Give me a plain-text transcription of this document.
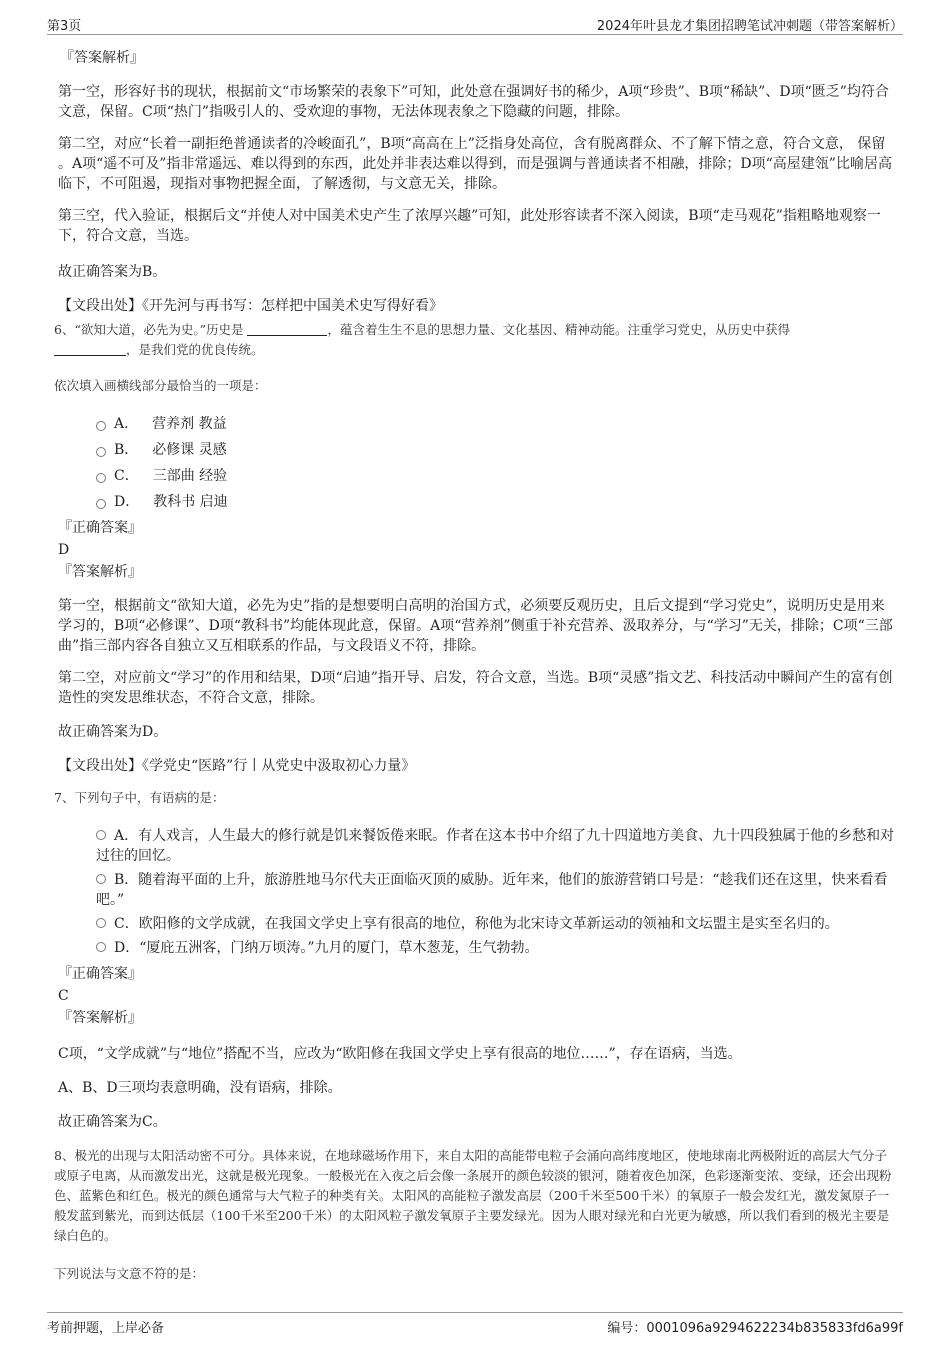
第3页	2024年叶县龙才集团招聘笔试冲刺题（带答案解析）
『答案解析』
第一空，形容好书的现状，根据前文“市场繁荣的表象下”可知，此处意在强调好书的稀少，A项“珍贵”、B项“稀缺”、D项“匮乏”均符合文意，保留。C项“热门”指吸引人的、受欢迎的事物，无法体现表象之下隐藏的问题，排除。
第二空，对应“长着一副拒绝普通读者的冷峻面孔”，B项“高高在上”泛指身处高位，含有脱离群众、不了解下情之意，符合文意， 保留 。A项“遥不可及”指非常遥远、难以得到的东西，此处并非表达难以得到，而是强调与普通读者不相融，排除；D项“高屋建瓴”比喻居高临下，不可阻遏，现指对事物把握全面，了解透彻，与文意无关，排除。
第三空，代入验证，根据后文“并使人对中国美术史产生了浓厚兴趣”可知，此处形容读者不深入阅读，B项“走马观花”指粗略地观察一下，符合文意，当选。
故正确答案为B。
【文段出处】《开先河与再书写：怎样把中国美术史写得好看》
6、“欲知大道，必先为史。”历史是	，蕴含着生生不息的思想力量、文化基因、精神动能。注重学习党史，从历史中获得
，是我们党的优良传统。
依次填入画横线部分最恰当的一项是：
A． 营养剂 教益
B． 必修课 灵感
C． 三部曲 经验
D． 教科书 启迪
『正确答案』
D
『答案解析』
第一空，根据前文“欲知大道，必先为史”指的是想要明白高明的治国方式，必须要反观历史，且后文提到“学习党史”，说明历史是用来学习的，B项“必修课”、D项“教科书”均能体现此意，保留。A项“营养剂”侧重于补充营养、汲取养分，与“学习”无关，排除；C项“三部曲”指三部内容各自独立又互相联系的作品，与文段语义不符，排除。
第二空，对应前文“学习”的作用和结果，D项“启迪”指开导、启发，符合文意，当选。B项“灵感”指文艺、科技活动中瞬间产生的富有创造性的突发思维状态，不符合文意，排除。
故正确答案为D。
【文段出处】《学党史“医路”行丨从党史中汲取初心力量》
7、下列句子中，有语病的是：
A．有人戏言，人生最大的修行就是饥来餐饭倦来眠。作者在这本书中介绍了九十四道地方美食、九十四段独属于他的乡愁和对过往的回忆。
B．随着海平面的上升，旅游胜地马尔代夫正面临灭顶的威胁。近年来，他们的旅游营销口号是：“趁我们还在这里，快来看看吧。”
C．欧阳修的文学成就，在我国文学史上享有很高的地位，称他为北宋诗文革新运动的领袖和文坛盟主是实至名归的。
D．“厦庇五洲客，门纳万顷涛。”九月的厦门，草木葱茏，生气勃勃。
『正确答案』
C
『答案解析』
C项，“文学成就”与“地位”搭配不当，应改为“欧阳修在我国文学史上享有很高的地位……”，存在语病，当选。
A、B、D三项均表意明确，没有语病，排除。
故正确答案为C。
8、极光的出现与太阳活动密不可分。具体来说，在地球磁场作用下，来自太阳的高能带电粒子会涌向高纬度地区，使地球南北两极附近的高层大气分子或原子电离，从而激发出光，这就是极光现象。一般极光在入夜之后会像一条展开的颜色较淡的银河，随着夜色加深，色彩逐渐变浓、变绿，还会出现粉色、蓝紫色和红色。极光的颜色通常与大气粒子的种类有关。太阳风的高能粒子激发高层（200千米至500千米）的氧原子一般会发红光，激发氮原子一般发蓝到紫光，而到达低层（100千米至200千米）的太阳风粒子激发氧原子主要发绿光。因为人眼对绿光和白光更为敏感，所以我们看到的极光主要是绿白色的。
下列说法与文意不符的是：
考前押题，上岸必备	编号：0001096a9294622234b835833fd6a99f
